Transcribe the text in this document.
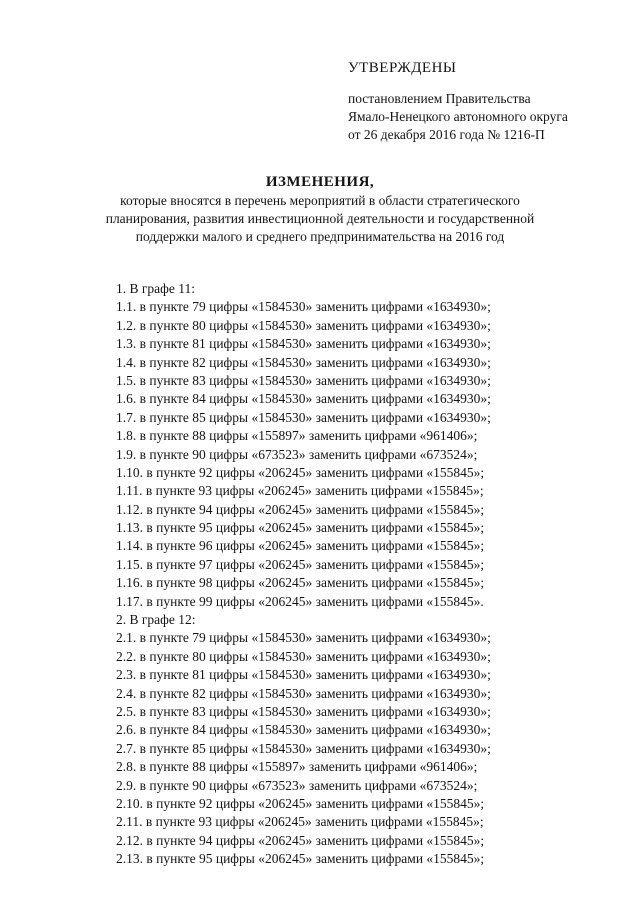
УТВЕРЖДЕНЫ
постановлением Правительства
Ямало-Ненецкого автономного округа
от 26 декабря 2016 года № 1216-П
ИЗМЕНЕНИЯ,
которые вносятся в перечень мероприятий в области стратегического
планирования, развития инвестиционной деятельности и государственной
поддержки малого и среднего предпринимательства на 2016 год
1. В графе 11:
1.1. в пункте 79 цифры «1584530» заменить цифрами «1634930»;
1.2. в пункте 80 цифры «1584530» заменить цифрами «1634930»;
1.3. в пункте 81 цифры «1584530» заменить цифрами «1634930»;
1.4. в пункте 82 цифры «1584530» заменить цифрами «1634930»;
1.5. в пункте 83 цифры «1584530» заменить цифрами «1634930»;
1.6. в пункте 84 цифры «1584530» заменить цифрами «1634930»;
1.7. в пункте 85 цифры «1584530» заменить цифрами «1634930»;
1.8. в пункте 88 цифры «155897» заменить цифрами «961406»;
1.9. в пункте 90 цифры «673523» заменить цифрами «673524»;
1.10. в пункте 92 цифры «206245» заменить цифрами «155845»;
1.11. в пункте 93 цифры «206245» заменить цифрами «155845»;
1.12. в пункте 94 цифры «206245» заменить цифрами «155845»;
1.13. в пункте 95 цифры «206245» заменить цифрами «155845»;
1.14. в пункте 96 цифры «206245» заменить цифрами «155845»;
1.15. в пункте 97 цифры «206245» заменить цифрами «155845»;
1.16. в пункте 98 цифры «206245» заменить цифрами «155845»;
1.17. в пункте 99 цифры «206245» заменить цифрами «155845».
2. В графе 12:
2.1. в пункте 79 цифры «1584530» заменить цифрами «1634930»;
2.2. в пункте 80 цифры «1584530» заменить цифрами «1634930»;
2.3. в пункте 81 цифры «1584530» заменить цифрами «1634930»;
2.4. в пункте 82 цифры «1584530» заменить цифрами «1634930»;
2.5. в пункте 83 цифры «1584530» заменить цифрами «1634930»;
2.6. в пункте 84 цифры «1584530» заменить цифрами «1634930»;
2.7. в пункте 85 цифры «1584530» заменить цифрами «1634930»;
2.8. в пункте 88 цифры «155897» заменить цифрами «961406»;
2.9. в пункте 90 цифры «673523» заменить цифрами «673524»;
2.10. в пункте 92 цифры «206245» заменить цифрами «155845»;
2.11. в пункте 93 цифры «206245» заменить цифрами «155845»;
2.12. в пункте 94 цифры «206245» заменить цифрами «155845»;
2.13. в пункте 95 цифры «206245» заменить цифрами «155845»;
